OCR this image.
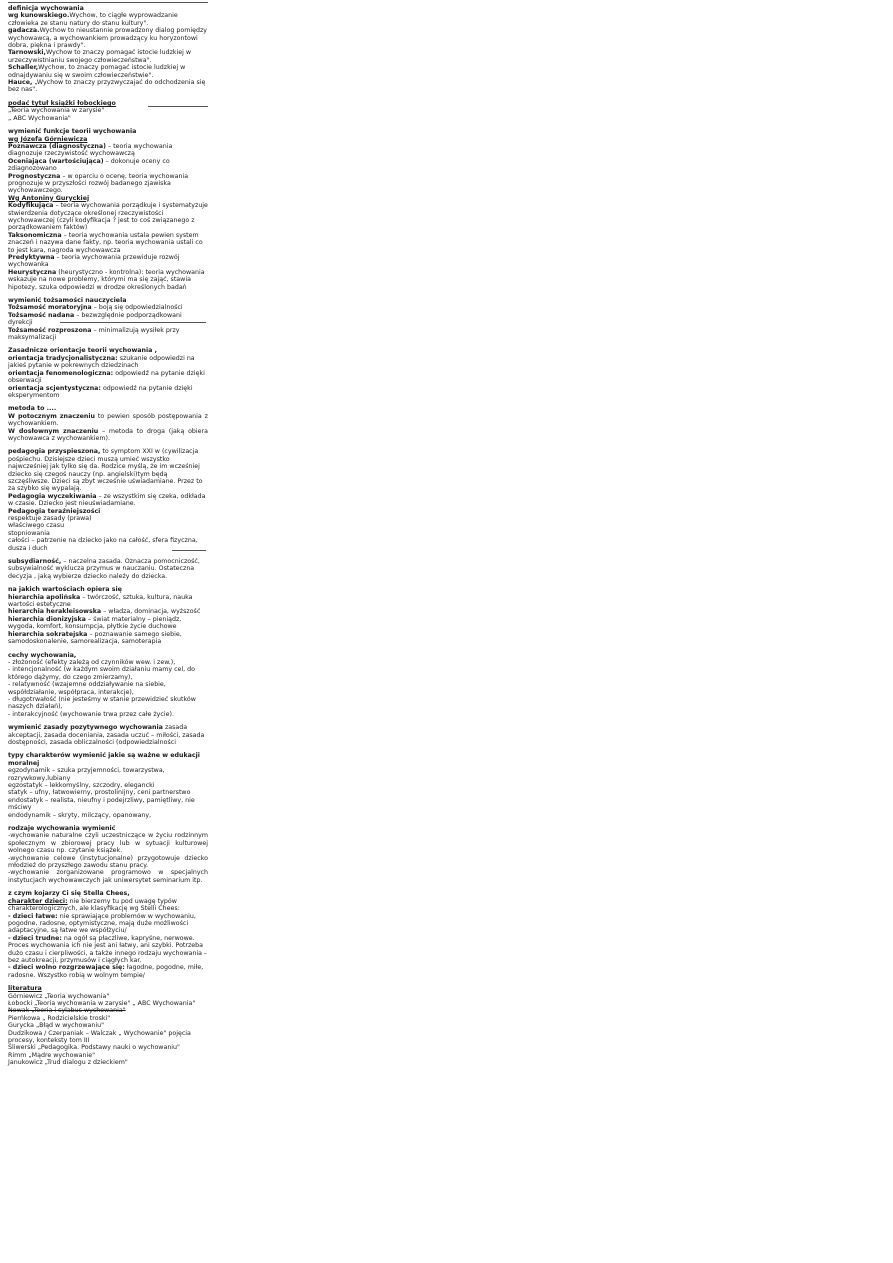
definicja wychowania
wg kunowskiego.Wychow, to ciągłe wyprowadzanie człowieka ze stanu natury do stanu kultury".
gadacza.Wychow to nieustannie prowadzony dialog pomiędzy wychowawcą, a wychowankiem prowadzący ku horyzontowi dobra, piękna i prawdy".
Tarnowski,Wychow to znaczy pomagać istocie ludzkiej w urzeczywistnianiu swojego człowieczeństwa".
Schaller,Wychow, to znaczy pomagać istocie ludzkiej w odnajdywaniu się w swoim człowieczeństwie".
Hauce, „Wychow to znaczy przyzwyczajać do odchodzenia się bez nas".
podać tytuł książki łobockiego
„Teoria wychowania w zarysie"
„ ABC Wychowania"
wymienić funkcje teorii wychowania
wg Józefa Górniewicza
Poznawcza (diagnostyczna) – teoria wychowania diagnozuje rzeczywistość wychowawczą
Oceniająca (wartościująca) – dokonuje oceny co zdiagnozowano
Prognostyczna – w oparciu o ocenę, teoria wychowania prognozuje w przyszłości rozwój badanego zjawiska wychowawczego.
Wg Antoniny Guryckiej
Kodyfikująca – teoria wychowania porządkuje i systematyzuje stwierdzenia dotyczące określonej rzeczywistości wychowawczej (czyli kodyfikacja ? jest to coś związanego z porządkowaniem faktów)
Taksonomiczna – teoria wychowania ustala pewien system znaczeń i nazywa dane fakty, np. teoria wychowania ustali co to jest kara, nagroda wychowawcza
Predyktywna – teoria wychowania przewiduje rozwój wychowanka
Heurystyczna (heurystyczno - kontrolna): teoria wychowania wskazuje na nowe problemy, którymi ma się zająć, stawia hipotezy, szuka odpowiedzi w drodze określonych badań
wymienić tożsamości nauczyciela
Tożsamość moratoryjna – boją się odpowiedzialności
Tożsamość nadana – bezwzględnie podporządkowani dyrekcji
Tożsamość rozproszona – minimalizują wysiłek przy maksymalizacji
Zasadnicze orientacje teorii wychowania ,
orientacja tradycjonalistyczna: szukanie odpowiedzi na jakieś pytanie w pokrewnych dziedzinach
orientacja fenomenologiczna: odpowiedź na pytanie dzięki obserwacji
orientacja scjentystyczna: odpowiedź na pytanie dzięki eksperymentom
metoda to ....
W potocznym znaczeniu to pewien sposób postępowania z wychowankiem.
W dosłownym znaczeniu – metoda to droga (jaką obiera wychowawca z wychowankiem).
pedagogia przyspieszona, to symptom XXI w (cywilizacja pośpiechu. Dzisiejsze dzieci muszą umieć wszystko najwcześniej jak tylko się da. Rodzice myślą, że im wcześniej dziecko się czegoś nauczy (np. angielski)tym będą szczęśliwsze. Dzieci są zbyt wcześnie uświadamiane. Przez to za szybko się wypalają.
Pedagogia wyczekiwania – ze wszystkim się czeka, odkłada w czasie. Dziecko jest nieuświadamiane.
Pedagogia teraźniejszości
respektuje zasady (prawa)
właściwego czasu
stopniowania
całości – patrzenie na dziecko jako na całość, sfera fizyczna, dusza i duch
subsydiarność, – naczelna zasada. Oznacza pomocniczość, subsywialność wyklucza przymus w nauczaniu. Ostateczna decyzja , jaką wybierze dziecko należy do dziecka.
na jakich wartościach opiera się
hierarchia apolińska – twórczość, sztuka, kultura, nauka wartości estetyczne
hierarchia herakleisowska – władza, dominacja, wyższość
hierarchia dionizyjska – świat materialny – pieniądz, wygoda, komfort, konsumpcja, płytkie życie duchowe
hierarchia sokratejska – poznawanie samego siebie, samodoskonalenie, samorealizacja, samoterapia
cechy wychowania,
- złożoność (efekty zależą od czynników wew. i zew.),
- intencjonalność (w każdym swoim działaniu mamy cel, do którego dążymy, do czego zmierzamy),
- relatywność (wzajemne oddziaływanie na siebie, współdziałanie, współpraca, interakcje),
- długotrwałość (nie jesteśmy w stanie przewidzieć skutków naszych działań),
- interakcyjność (wychowanie trwa przez całe życie).
wymienić zasady pozytywnego wychowania zasada akceptacji, zasada doceniania, zasada uczuć – miłości, zasada dostępności, zasada obliczalności (odpowiedzialności
typy charakterów wymienić jakie są ważne w edukacji moralnej
egzodynamik – szuka przyjemności, towarzystwa, rozrywkowy,lubiany
egzostatyk – lekkomyślny, szczodry, elegancki
statyk – ufny, łatwowierny, prostolinijny, ceni partnerstwo
endostatyk – realista, nieufny i podejrzliwy, pamiętliwy, nie mściwy
endodynamik – skryty, milczący, opanowany,
rodzaje wychowania wymienić
-wychowanie naturalne czyli uczestniczące w życiu rodzinnym społecznym w zbiorowej pracy lub w sytuacji kulturowej wolnego czasu np. czytanie książek.
-wychowanie celowe (instytucjonalne) przygotowuje dziecko młodzież do przyszłego zawodu stanu pracy.
-wychowanie zorganizowane programowo w specjalnych instytucjach wychowawczych jak uniwersytet seminarium itp.
z czym kojarzy Ci się Stella Chees,
charakter dzieci: nie bierzemy tu pod uwagę typów charakterologicznych, ale klasyfikację wg Stelli Chees:
- dzieci łatwe: nie sprawiające problemów w wychowaniu, pogodne, radosne, optymistyczne, mają duże możliwości adaptacyjne, są łatwe we współżyciu/
- dzieci trudne: na ogół są płaczliwe, kapryśne, nerwowe. Proces wychowania ich nie jest ani łatwy, ani szybki. Potrzeba dużo czasu i cierpliwości, a także innego rodzaju wychowania – bez autokreacji, przymusów i ciągłych kar.
- dzieci wolno rozgrzewające się: łagodne, pogodne, miłe, radosne. Wszystko robią w wolnym tempie/
literatura
Górniewicz „Teoria wychowania"
Łobocki „Teoria wychowania w zarysie" „ ABC Wychowania"
Nowak „Teoria i sylabus wychowania"
Pierńkowa „ Rodzicielskie troski"
Gurycka „Błąd w wychowaniu"
Dudzikowa / Czerpaniak – Walczak „ Wychowanie" pojęcia procesy, konteksty tom III
Śliwerski „Pedagogika. Podstawy nauki o wychowaniu"
Rimm „Mądre wychowanie"
Janukowicz „Trud dialogu z dzieckiem"
